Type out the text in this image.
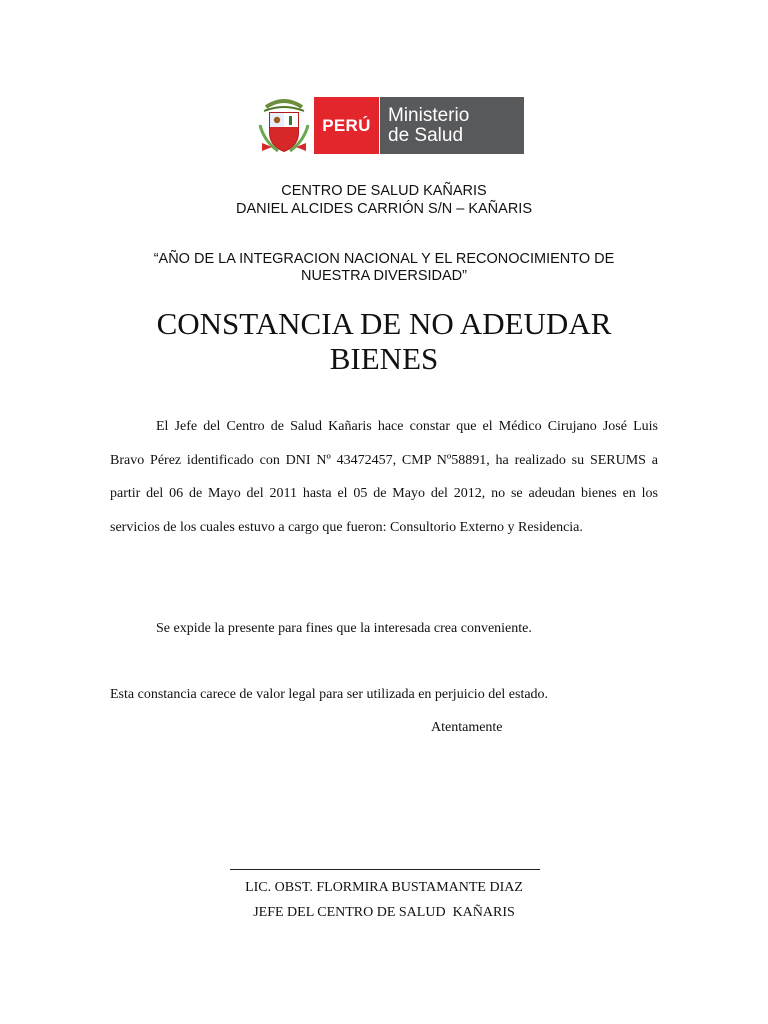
PERÚ Ministerio
de Salud
CENTRO DE SALUD KAÑARIS
DANIEL ALCIDES CARRIÓN S/N – KAÑARIS
“AÑO DE LA INTEGRACION NACIONAL Y EL RECONOCIMIENTO DE NUESTRA DIVERSIDAD”
CONSTANCIA DE NO ADEUDAR BIENES
El Jefe del Centro de Salud Kañaris hace constar que el Médico Cirujano José Luis Bravo Pérez identificado con DNI Nº 43472457, CMP Nº58891, ha realizado su SERUMS a partir del 06 de Mayo del 2011 hasta el 05 de Mayo del 2012, no se adeudan bienes en los servicios de los cuales estuvo a cargo que fueron: Consultorio Externo y Residencia.
Se expide la presente para fines que la interesada crea conveniente.
Esta constancia carece de valor legal para ser utilizada en perjuicio del estado.
Atentamente
LIC. OBST. FLORMIRA BUSTAMANTE DIAZ
JEFE DEL CENTRO DE SALUD  KAÑARIS
